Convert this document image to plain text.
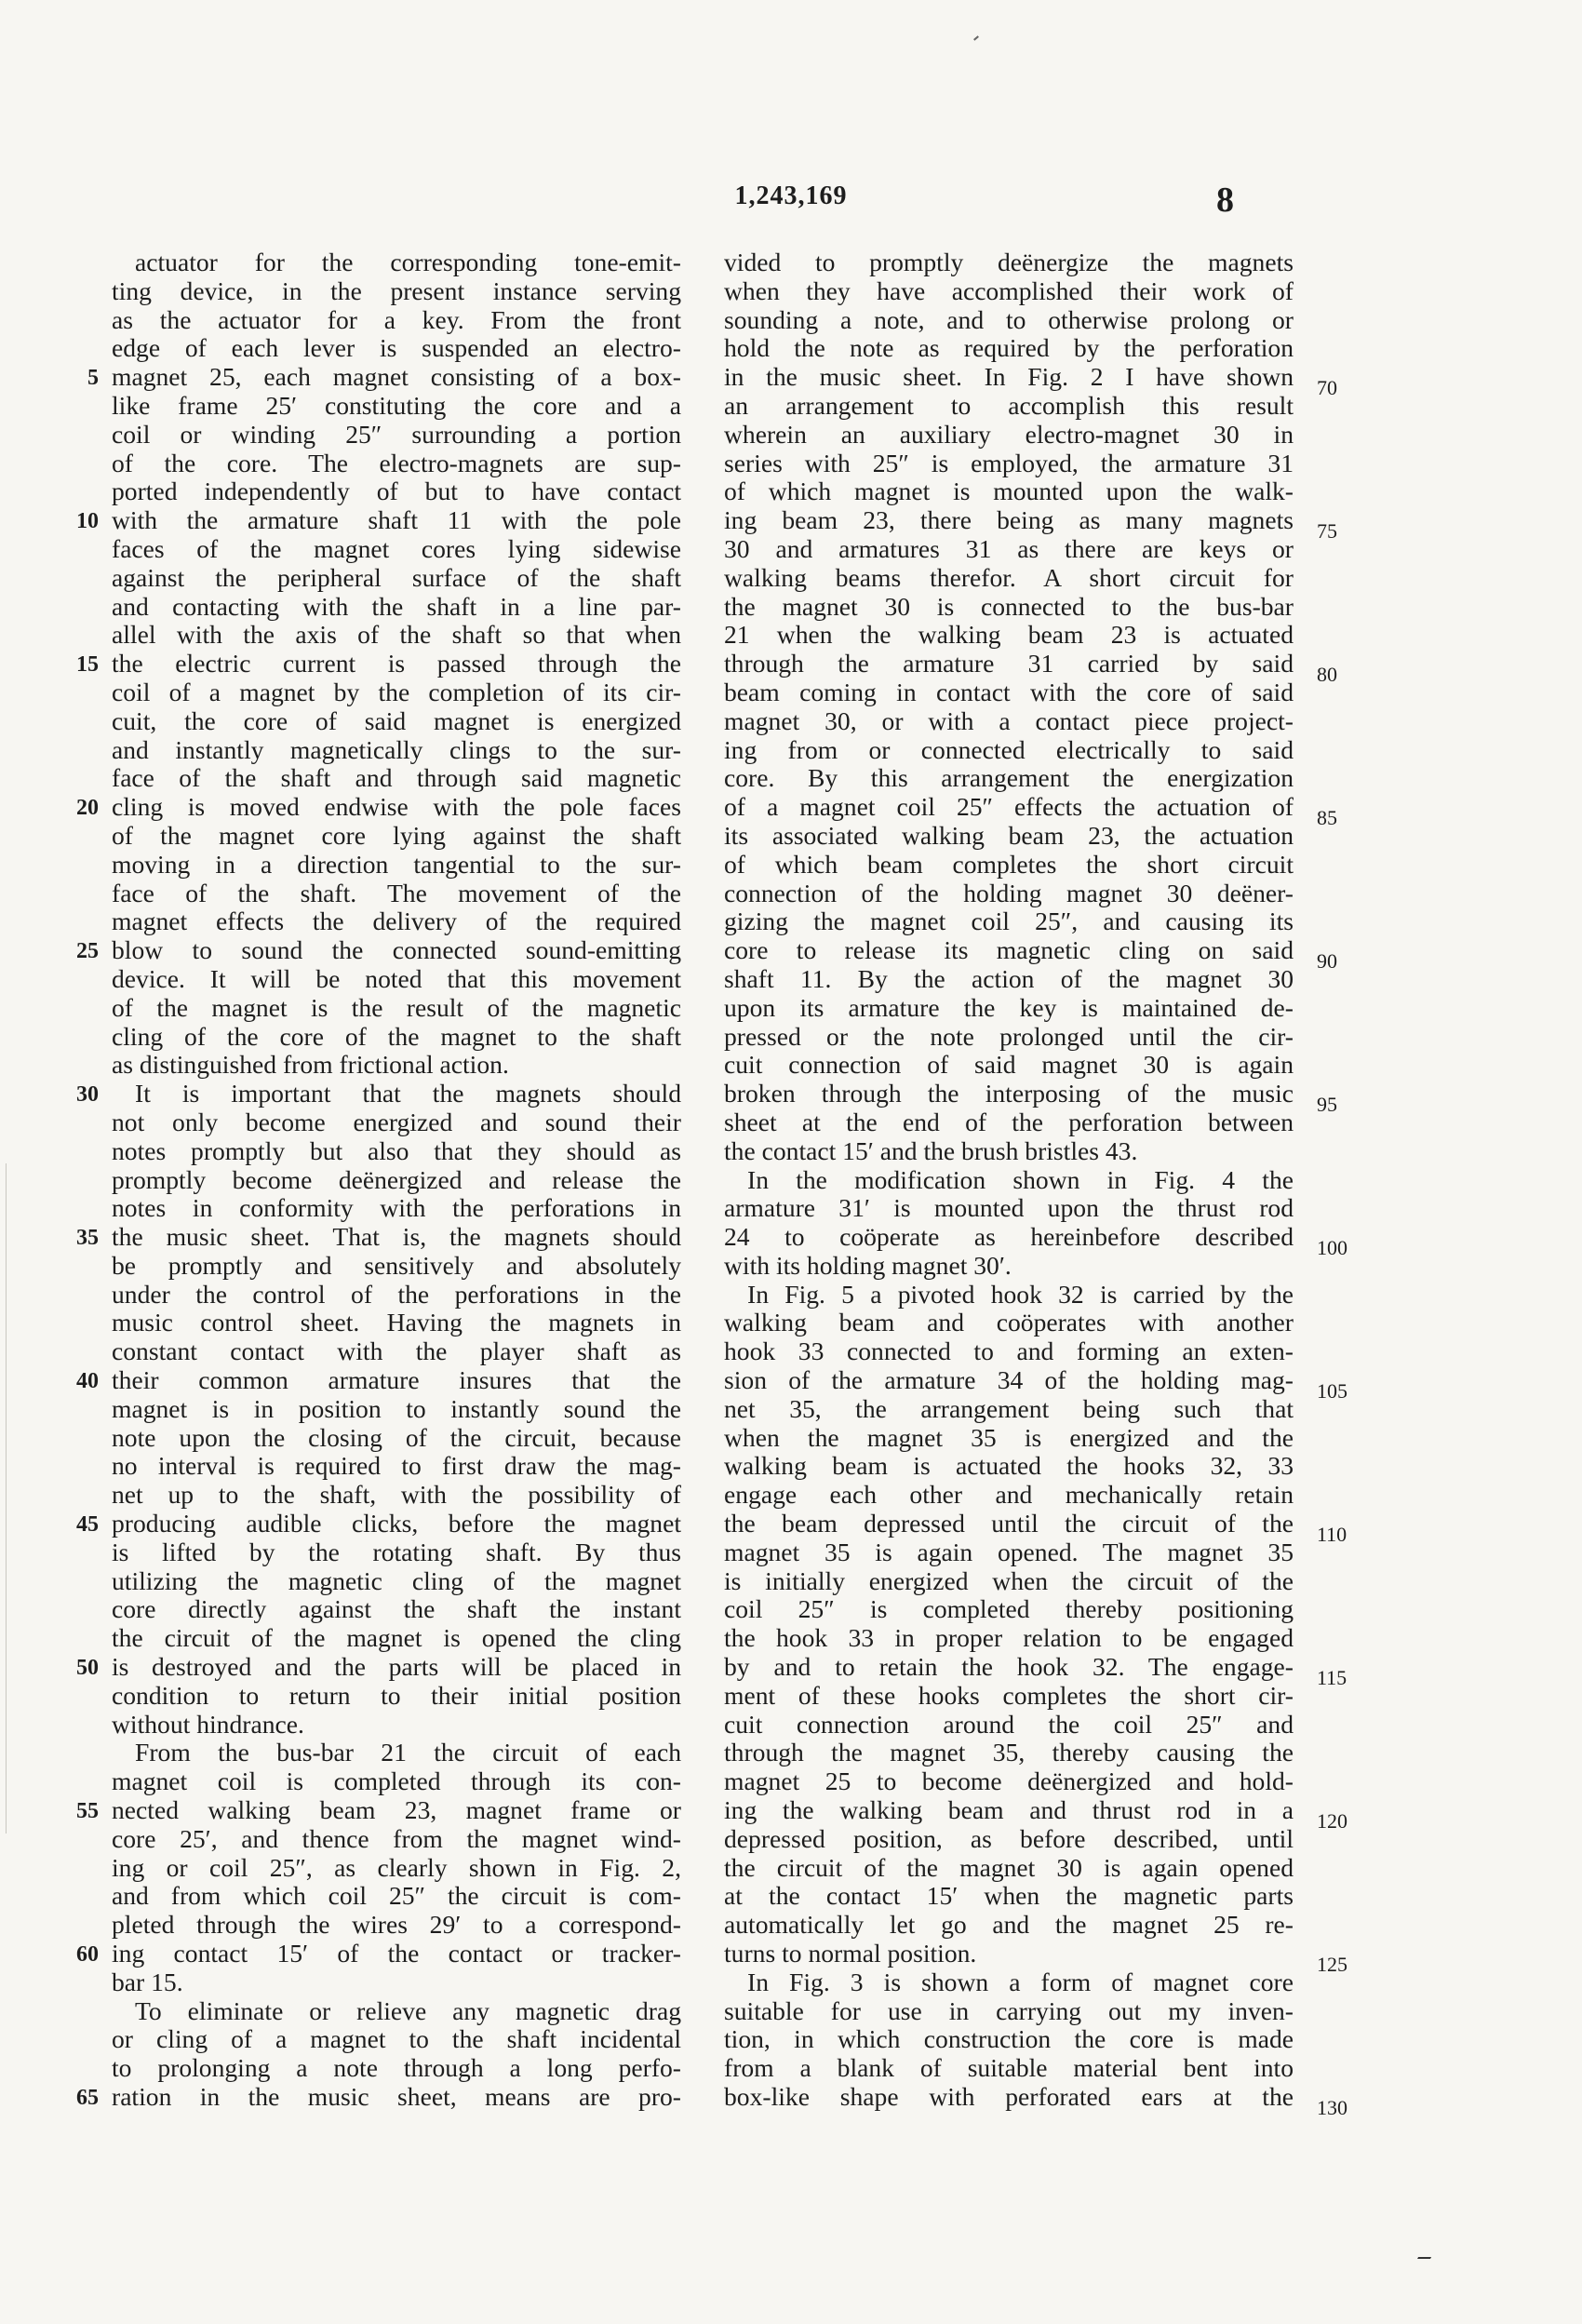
1,243,169	8
actuator for the corresponding tone-emit-
ting device, in the present instance serving
as the actuator for a key. From the front
edge of each lever is suspended an electro-
magnet 25, each magnet consisting of a box-
5
like frame 25′ constituting the core and a
coil or winding 25″ surrounding a portion
of the core. The electro-magnets are sup-
ported independently of but to have contact
with the armature shaft 11 with the pole
10
faces of the magnet cores lying sidewise
against the peripheral surface of the shaft
and contacting with the shaft in a line par-
allel with the axis of the shaft so that when
the electric current is passed through the
15
coil of a magnet by the completion of its cir-
cuit, the core of said magnet is energized
and instantly magnetically clings to the sur-
face of the shaft and through said magnetic
cling is moved endwise with the pole faces
20
of the magnet core lying against the shaft
moving in a direction tangential to the sur-
face of the shaft. The movement of the
magnet effects the delivery of the required
blow to sound the connected sound-emitting
25
device. It will be noted that this movement
of the magnet is the result of the magnetic
cling of the core of the magnet to the shaft
as distinguished from frictional action.
It is important that the magnets should
30
not only become energized and sound their
notes promptly but also that they should as
promptly become deënergized and release the
notes in conformity with the perforations in
the music sheet. That is, the magnets should
35
be promptly and sensitively and absolutely
under the control of the perforations in the
music control sheet. Having the magnets in
constant contact with the player shaft as
their common armature insures that the
40
magnet is in position to instantly sound the
note upon the closing of the circuit, because
no interval is required to first draw the mag-
net up to the shaft, with the possibility of
producing audible clicks, before the magnet
45
is lifted by the rotating shaft. By thus
utilizing the magnetic cling of the magnet
core directly against the shaft the instant
the circuit of the magnet is opened the cling
is destroyed and the parts will be placed in
50
condition to return to their initial position
without hindrance.
From the bus-bar 21 the circuit of each
magnet coil is completed through its con-
nected walking beam 23, magnet frame or
55
core 25′, and thence from the magnet wind-
ing or coil 25″, as clearly shown in Fig. 2,
and from which coil 25″ the circuit is com-
pleted through the wires 29′ to a correspond-
ing contact 15′ of the contact or tracker-
60
bar 15.
To eliminate or relieve any magnetic drag
or cling of a magnet to the shaft incidental
to prolonging a note through a long perfo-
ration in the music sheet, means are pro-
65
vided to promptly deënergize the magnets
when they have accomplished their work of
sounding a note, and to otherwise prolong or
hold the note as required by the perforation
in the music sheet. In Fig. 2 I have shown 70
an arrangement to accomplish this result
wherein an auxiliary electro-magnet 30 in
series with 25″ is employed, the armature 31
of which magnet is mounted upon the walk-
ing beam 23, there being as many magnets 75
30 and armatures 31 as there are keys or
walking beams therefor. A short circuit for
the magnet 30 is connected to the bus-bar
21 when the walking beam 23 is actuated
through the armature 31 carried by said 80
beam coming in contact with the core of said
magnet 30, or with a contact piece project-
ing from or connected electrically to said
core. By this arrangement the energization
of a magnet coil 25″ effects the actuation of 85
its associated walking beam 23, the actuation
of which beam completes the short circuit
connection of the holding magnet 30 deëner-
gizing the magnet coil 25″, and causing its
core to release its magnetic cling on said 90
shaft 11. By the action of the magnet 30
upon its armature the key is maintained de-
pressed or the note prolonged until the cir-
cuit connection of said magnet 30 is again
broken through the interposing of the music 95
sheet at the end of the perforation between
the contact 15′ and the brush bristles 43.
In the modification shown in Fig. 4 the
armature 31′ is mounted upon the thrust rod
24 to coöperate as hereinbefore described 100
with its holding magnet 30′.
In Fig. 5 a pivoted hook 32 is carried by the
walking beam and coöperates with another
hook 33 connected to and forming an exten-
sion of the armature 34 of the holding mag- 105
net 35, the arrangement being such that
when the magnet 35 is energized and the
walking beam is actuated the hooks 32, 33
engage each other and mechanically retain
the beam depressed until the circuit of the 110
magnet 35 is again opened. The magnet 35
is initially energized when the circuit of the
coil 25″ is completed thereby positioning
the hook 33 in proper relation to be engaged
by and to retain the hook 32. The engage- 115
ment of these hooks completes the short cir-
cuit connection around the coil 25″ and
through the magnet 35, thereby causing the
magnet 25 to become deënergized and hold-
ing the walking beam and thrust rod in a 120
depressed position, as before described, until
the circuit of the magnet 30 is again opened
at the contact 15′ when the magnetic parts
automatically let go and the magnet 25 re-
turns to normal position.	125
In Fig. 3 is shown a form of magnet core
suitable for use in carrying out my inven-
tion, in which construction the core is made
from a blank of suitable material bent into
box-like shape with perforated ears at the 130
